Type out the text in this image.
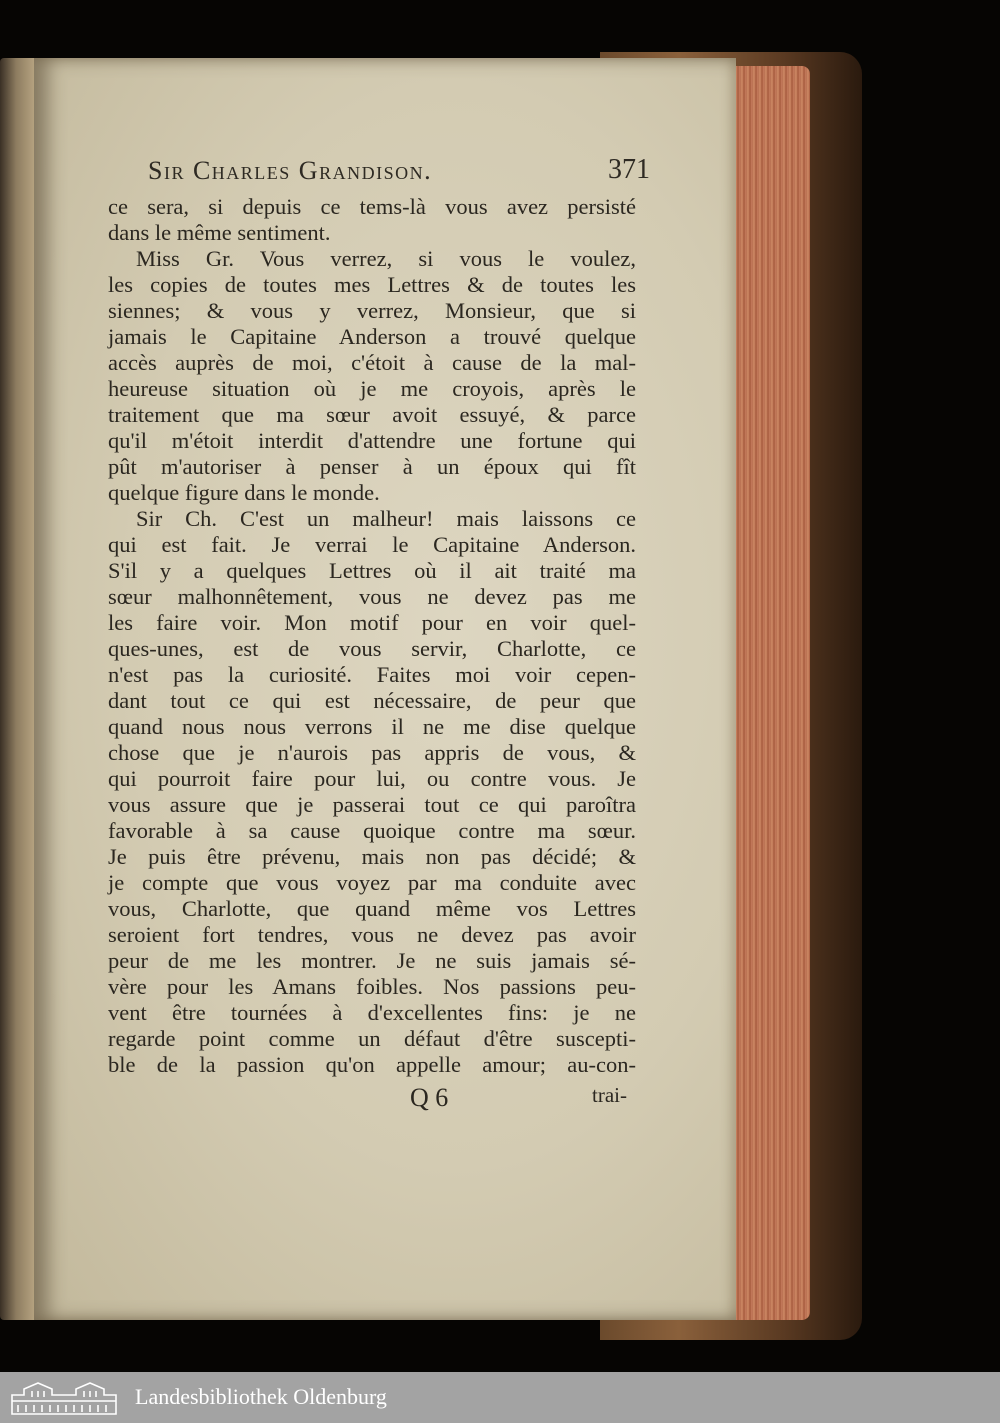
Sir Charles Grandison.	371
ce sera, si depuis ce tems-là vous avez persisté
dans le même sentiment.
Miss Gr. Vous verrez, si vous le voulez,
les copies de toutes mes Lettres & de toutes les
siennes; & vous y verrez, Monsieur, que si
jamais le Capitaine Anderson a trouvé quelque
accès auprès de moi, c'étoit à cause de la mal-
heureuse situation où je me croyois, après le
traitement que ma sœur avoit essuyé, & parce
qu'il m'étoit interdit d'attendre une fortune qui
pût m'autoriser à penser à un époux qui fît
quelque figure dans le monde.
Sir Ch. C'est un malheur! mais laissons ce
qui est fait. Je verrai le Capitaine Anderson.
S'il y a quelques Lettres où il ait traité ma
sœur malhonnêtement, vous ne devez pas me
les faire voir. Mon motif pour en voir quel-
ques-unes, est de vous servir, Charlotte, ce
n'est pas la curiosité. Faites moi voir cepen-
dant tout ce qui est nécessaire, de peur que
quand nous nous verrons il ne me dise quelque
chose que je n'aurois pas appris de vous, &
qui pourroit faire pour lui, ou contre vous. Je
vous assure que je passerai tout ce qui paroîtra
favorable à sa cause quoique contre ma sœur.
Je puis être prévenu, mais non pas décidé; &
je compte que vous voyez par ma conduite avec
vous, Charlotte, que quand même vos Lettres
seroient fort tendres, vous ne devez pas avoir
peur de me les montrer. Je ne suis jamais sé-
vère pour les Amans foibles. Nos passions peu-
vent être tournées à d'excellentes fins: je ne
regarde point comme un défaut d'être suscepti-
ble de la passion qu'on appelle amour; au-con-
Q 6	trai-
Landesbibliothek Oldenburg
